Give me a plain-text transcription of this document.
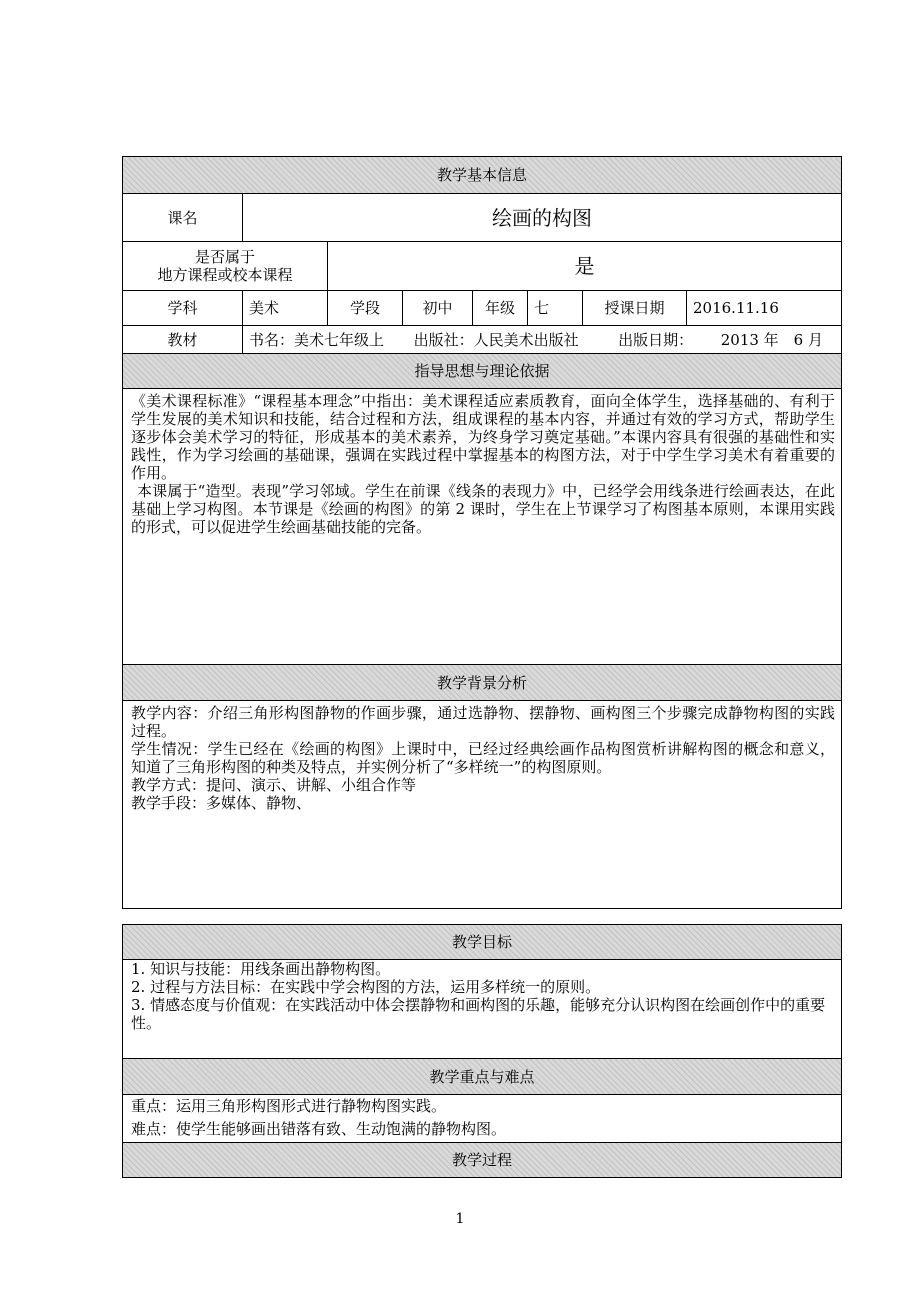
教学基本信息							
课名	绘画的构图						

是否属于
地方课程或校本课程		是					
学科	美术	学段	初中	年级	七	授课日期	2016.11.16
教材	书名：美术七年级上 出版社：人民美术出版社 出版日期： 2013 年　6 月						
指导思想与理论依据							

《美术课程标准》“课程基本理念”中指出：美术课程适应素质教育，面向全体学生，选择基础的、有利于学生发展的美术知识和技能，结合过程和方法，组成课程的基本内容，并通过有效的学习方式，帮助学生逐步体会美术学习的特征，形成基本的美术素养，为终身学习奠定基础。”本课内容具有很强的基础性和实践性，作为学习绘画的基础课，强调在实践过程中掌握基本的构图方法，对于中学生学习美术有着重要的作用。

本课属于“造型。表现”学习邻域。学生在前课《线条的表现力》中，已经学会用线条进行绘画表达，在此基础上学习构图。本节课是《绘画的构图》的第 2 课时，学生在上节课学习了构图基本原则，本课用实践的形式，可以促进学生绘画基础技能的完备。							

教学背景分析							

教学内容：介绍三角形构图静物的作画步骤，通过选静物、摆静物、画构图三个步骤完成静物构图的实践过程。

学生情况：学生已经在《绘画的构图》上课时中，已经过经典绘画作品构图赏析讲解构图的概念和意义，知道了三角形构图的种类及特点，并实例分析了“多样统一”的构图原则。

教学方式：提问、演示、讲解、小组合作等

教学手段：多媒体、静物、							

教学目标

1. 知识与技能：用线条画出静物构图。

2. 过程与方法目标：在实践中学会构图的方法，运用多样统一的原则。

3. 情感态度与价值观：在实践活动中体会摆静物和画构图的乐趣，能够充分认识构图在绘画创作中的重要性。

教学重点与难点

重点：运用三角形构图形式进行静物构图实践。

难点：使学生能够画出错落有致、生动饱满的静物构图。

教学过程
1
